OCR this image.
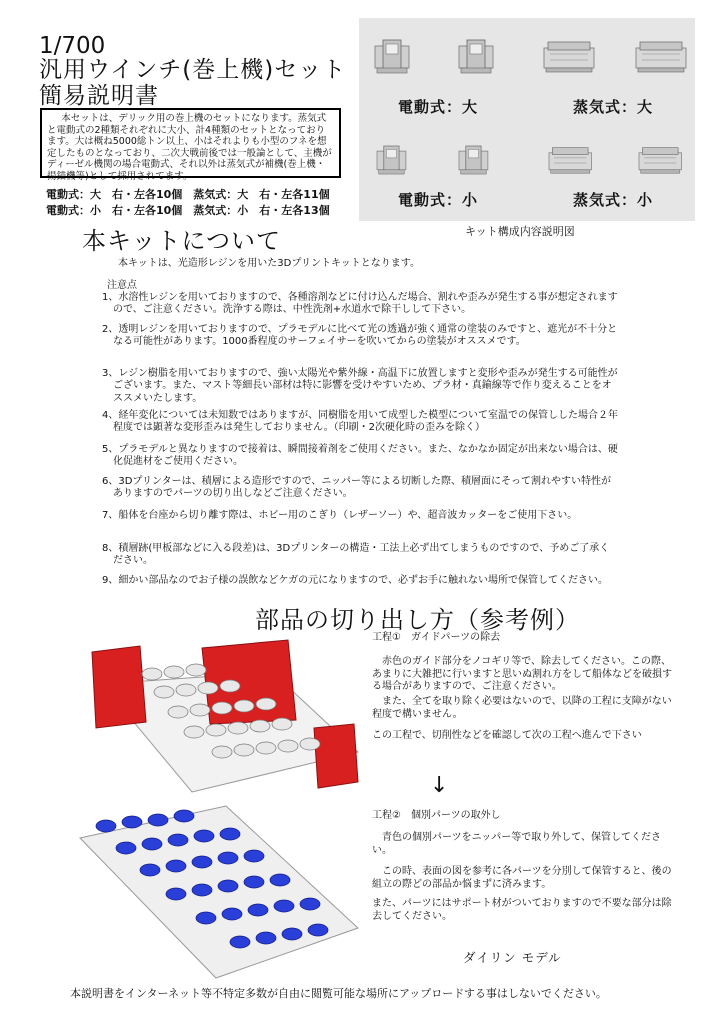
1/700
汎用ウインチ(巻上機)セット
簡易説明書

本セットは、デリック用の巻上機のセットになります。蒸気式と電動式の2種類それぞれに大小、計4種類のセットとなっております。大は概ね5000総トン以上、小はそれよりも小型のフネを想定したものとなっており、二次大戦前後では一般論として、主機がディーゼル機関の場合電動式、それ以外は蒸気式が補機(巻上機・揚錨機等)として採用されてます。

電動式：大　右・左各10個　蒸気式：大　右・左各11個
電動式：小　右・左各10個　蒸気式：小　右・左各13個
電動式：大	蒸気式：大
電動式：小	蒸気式：小
キット構成内容説明図
本キットについて
本キットは、光造形レジンを用いた3Dプリントキットとなります。
注意点
1、水溶性レジンを用いておりますので、各種溶剤などに付け込んだ場合、割れや歪みが発生する事が想定されますので、ご注意ください。洗浄する際は、中性洗剤+水道水で除干しして下さい。
2、透明レジンを用いておりますので、プラモデルに比べて光の透過が強く通常の塗装のみですと、遮光が不十分となる可能性があります。1000番程度のサーフェイサーを吹いてからの塗装がオススメです。
3、レジン樹脂を用いておりますので、強い太陽光や紫外線・高温下に放置しますと変形や歪みが発生する可能性がございます。また、マスト等細長い部材は特に影響を受けやすいため、プラ材・真鍮線等で作り変えることをオススメいたします。
4、経年変化については未知数ではありますが、同樹脂を用いて成型した模型について室温での保管しした場合２年程度では顕著な変形歪みは発生しておりません。（印刷・2次硬化時の歪みを除く）
5、プラモデルと異なりますので接着は、瞬間接着剤をご使用ください。また、なかなか固定が出来ない場合は、硬化促進材をご使用ください。
6、3Dプリンターは、積層による造形ですので、ニッパー等による切断した際、積層面にそって割れやすい特性がありますのでパーツの切り出しなどご注意ください。
7、船体を台座から切り離す際は、ホビー用のこぎり（レザーソー）や、超音波カッターをご使用下さい。
8、積層跡(甲板部などに入る段差)は、3Dプリンターの構造・工法上必ず出てしまうものですので、予めご了承ください。
9、細かい部品なのでお子様の誤飲などケガの元になりますので、必ずお手に触れない場所で保管してください。
部品の切り出し方（参考例）
工程①　ガイドパーツの除去
赤色のガイド部分をノコギリ等で、除去してください。この際、あまりに大雑把に行いますと思いぬ割れ方をして船体などを破損する場合がありますので、ご注意ください。
また、全てを取り除く必要はないので、以降の工程に支障がない程度で構いません。
この工程で、切削性などを確認して次の工程へ進んで下さい
↓
工程②　個別パーツの取外し
青色の個別パーツをニッパー等で取り外して、保管してください。
この時、表面の図を参考に各パーツを分別して保管すると、後の組立の際どの部品か悩まずに済みます。
また、パーツにはサポート材がついておりますので不要な部分は除去してください。
ダイリン モデル
本説明書をインターネット等不特定多数が自由に閲覧可能な場所にアップロードする事はしないでください。
